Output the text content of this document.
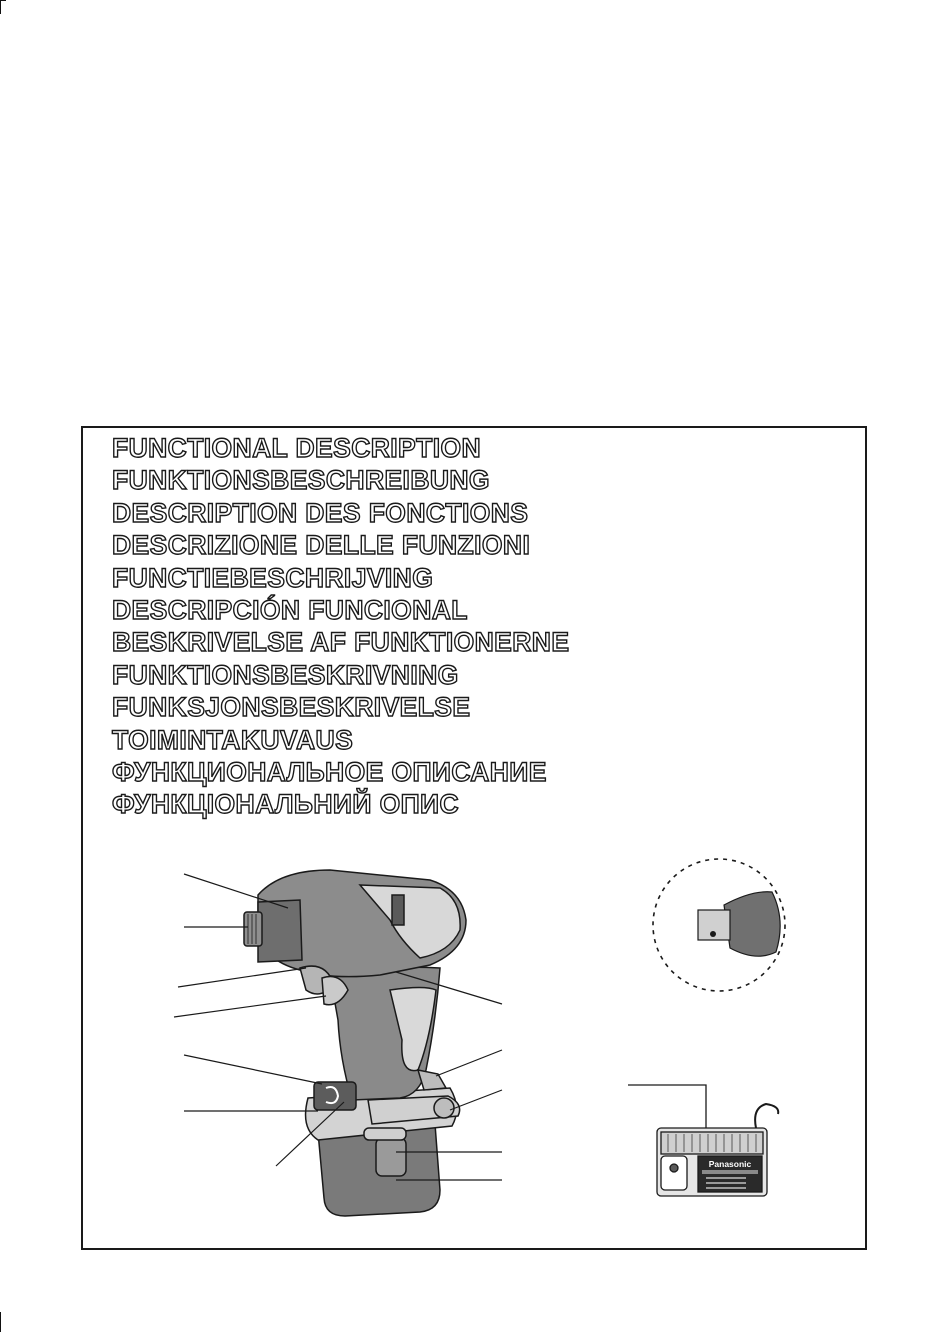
FUNCTIONAL DESCRIPTION
FUNKTIONSBESCHREIBUNG
DESCRIPTION DES FONCTIONS
DESCRIZIONE DELLE FUNZIONI
FUNCTIEBESCHRIJVING
DESCRIPCIÓN FUNCIONAL
BESKRIVELSE AF FUNKTIONERNE
FUNKTIONSBESKRIVNING
FUNKSJONSBESKRIVELSE
TOIMINTAKUVAUS
ФУНКЦИОНАЛЬНОЕ ОПИСАНИЕ
ФУНКЦІОНАЛЬНИЙ ОПИС
Panasonic
